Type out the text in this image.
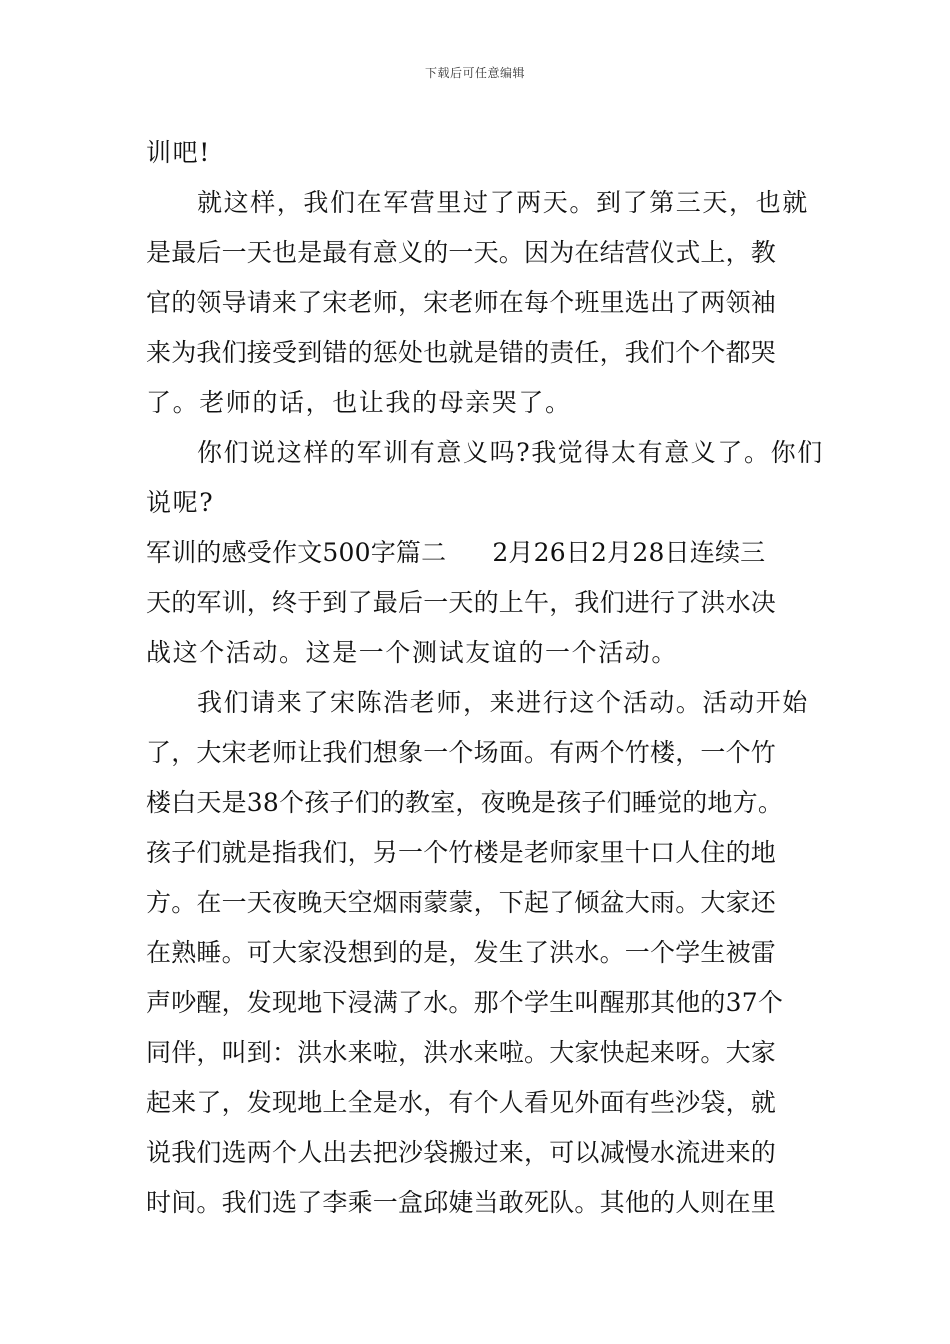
下载后可任意编辑
训吧!
就这样，我们在军营里过了两天。到了第三天，也就
是最后一天也是最有意义的一天。因为在结营仪式上，教
官的领导请来了宋老师，宋老师在每个班里选出了两领袖
来为我们接受到错的惩处也就是错的责任，我们个个都哭
了。老师的话，也让我的母亲哭了。
你们说这样的军训有意义吗?我觉得太有意义了。你们
说呢?
军训的感受作文500字篇二 2月26日2月28日连续三
天的军训，终于到了最后一天的上午，我们进行了洪水决
战这个活动。这是一个测试友谊的一个活动。
我们请来了宋陈浩老师，来进行这个活动。活动开始
了，大宋老师让我们想象一个场面。有两个竹楼，一个竹
楼白天是38个孩子们的教室，夜晚是孩子们睡觉的地方。
孩子们就是指我们，另一个竹楼是老师家里十口人住的地
方。在一天夜晚天空烟雨蒙蒙，下起了倾盆大雨。大家还
在熟睡。可大家没想到的是，发生了洪水。一个学生被雷
声吵醒，发现地下浸满了水。那个学生叫醒那其他的37个
同伴，叫到：洪水来啦，洪水来啦。大家快起来呀。大家
起来了，发现地上全是水，有个人看见外面有些沙袋，就
说我们选两个人出去把沙袋搬过来，可以减慢水流进来的
时间。我们选了李乘一盒邱婕当敢死队。其他的人则在里
